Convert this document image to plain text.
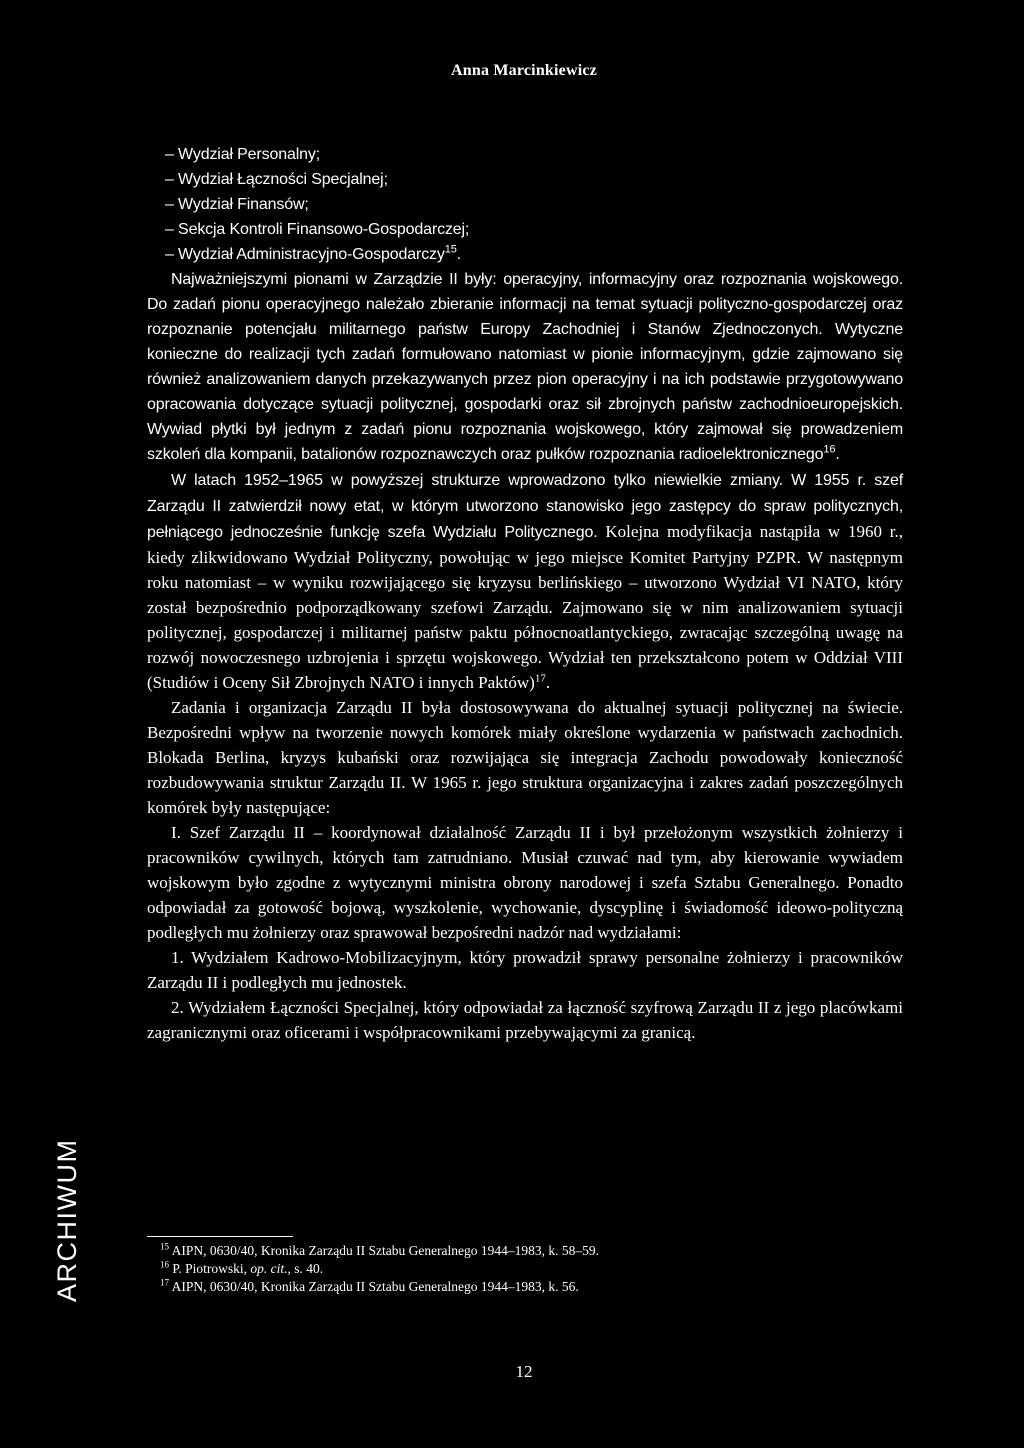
Anna Marcinkiewicz

– Wydział Personalny;

– Wydział Łączności Specjalnej;

– Wydział Finansów;

– Sekcja Kontroli Finansowo-Gospodarczej;

– Wydział Administracyjno-Gospodarczy$^{15}$.

Najważniejszymi pionami w Zarządzie II były: operacyjny, informacyjny oraz rozpoznania wojskowego. Do zadań pionu operacyjnego należało zbieranie informacji na temat sytuacji polityczno-gospodarczej oraz rozpoznanie potencjału militarnego państw Europy Zachodniej i Stanów Zjednoczonych. Wytyczne konieczne do realizacji tych zadań formułowano natomiast w pionie informacyjnym, gdzie zajmowano się również analizowaniem danych przekazywanych przez pion operacyjny i na ich podstawie przygotowywano opracowania dotyczące sytuacji politycznej, gospodarki oraz sił zbrojnych państw zachodnioeuropejskich. Wywiad płytki był jednym z zadań pionu rozpoznania wojskowego, który zajmował się prowadzeniem szkoleń dla kompanii, batalionów rozpoznawczych oraz pułków rozpoznania radioelektronicznego$^{16}$.

W latach 1952–1965 w powyższej strukturze wprowadzono tylko niewielkie zmiany. W 1955 r. szef Zarządu II zatwierdził nowy etat, w którym utworzono stanowisko jego zastępcy do spraw politycznych, pełniącego jednocześnie funkcję szefa Wydziału Politycznego. Kolejna modyfikacja nastąpiła w 1960 r., kiedy zlikwidowano Wydział Polityczny, powołując w jego miejsce Komitet Partyjny PZPR. W następnym roku natomiast – w wyniku rozwijającego się kryzysu berlińskiego – utworzono Wydział VI NATO, który został bezpośrednio podporządkowany szefowi Zarządu. Zajmowano się w nim analizowaniem sytuacji politycznej, gospodarczej i militarnej państw paktu północnoatlantyckiego, zwracając szczególną uwagę na rozwój nowoczesnego uzbrojenia i sprzętu wojskowego. Wydział ten przekształcono potem w Oddział VIII (Studiów i Oceny Sił Zbrojnych NATO i innych Paktów)$^{17}$.

Zadania i organizacja Zarządu II była dostosowywana do aktualnej sytuacji politycznej na świecie. Bezpośredni wpływ na tworzenie nowych komórek miały określone wydarzenia w państwach zachodnich. Blokada Berlina, kryzys kubański oraz rozwijająca się integracja Zachodu powodowały konieczność rozbudowywania struktur Zarządu II. W 1965 r. jego struktura organizacyjna i zakres zadań poszczególnych komórek były następujące:

I. Szef Zarządu II – koordynował działalność Zarządu II i był przełożonym wszystkich żołnierzy i pracowników cywilnych, których tam zatrudniano. Musiał czuwać nad tym, aby kierowanie wywiadem wojskowym było zgodne z wytycznymi ministra obrony narodowej i szefa Sztabu Generalnego. Ponadto odpowiadał za gotowość bojową, wyszkolenie, wychowanie, dyscyplinę i świadomość ideowo-polityczną podległych mu żołnierzy oraz sprawował bezpośredni nadzór nad wydziałami:

1. Wydziałem Kadrowo-Mobilizacyjnym, który prowadził sprawy personalne żołnierzy i pracowników Zarządu II i podległych mu jednostek.

2. Wydziałem Łączności Specjalnej, który odpowiadał za łączność szyfrową Zarządu II z jego placówkami zagranicznymi oraz oficerami i współpracownikami przebywającymi za granicą.

$^{15}$ AIPN, 0630/40, Kronika Zarządu II Sztabu Generalnego 1944–1983, k. 58–59.

$^{16}$ P. Piotrowski, op. cit., s. 40.

$^{17}$ AIPN, 0630/40, Kronika Zarządu II Sztabu Generalnego 1944–1983, k. 56.

ARCHIWUM
12
